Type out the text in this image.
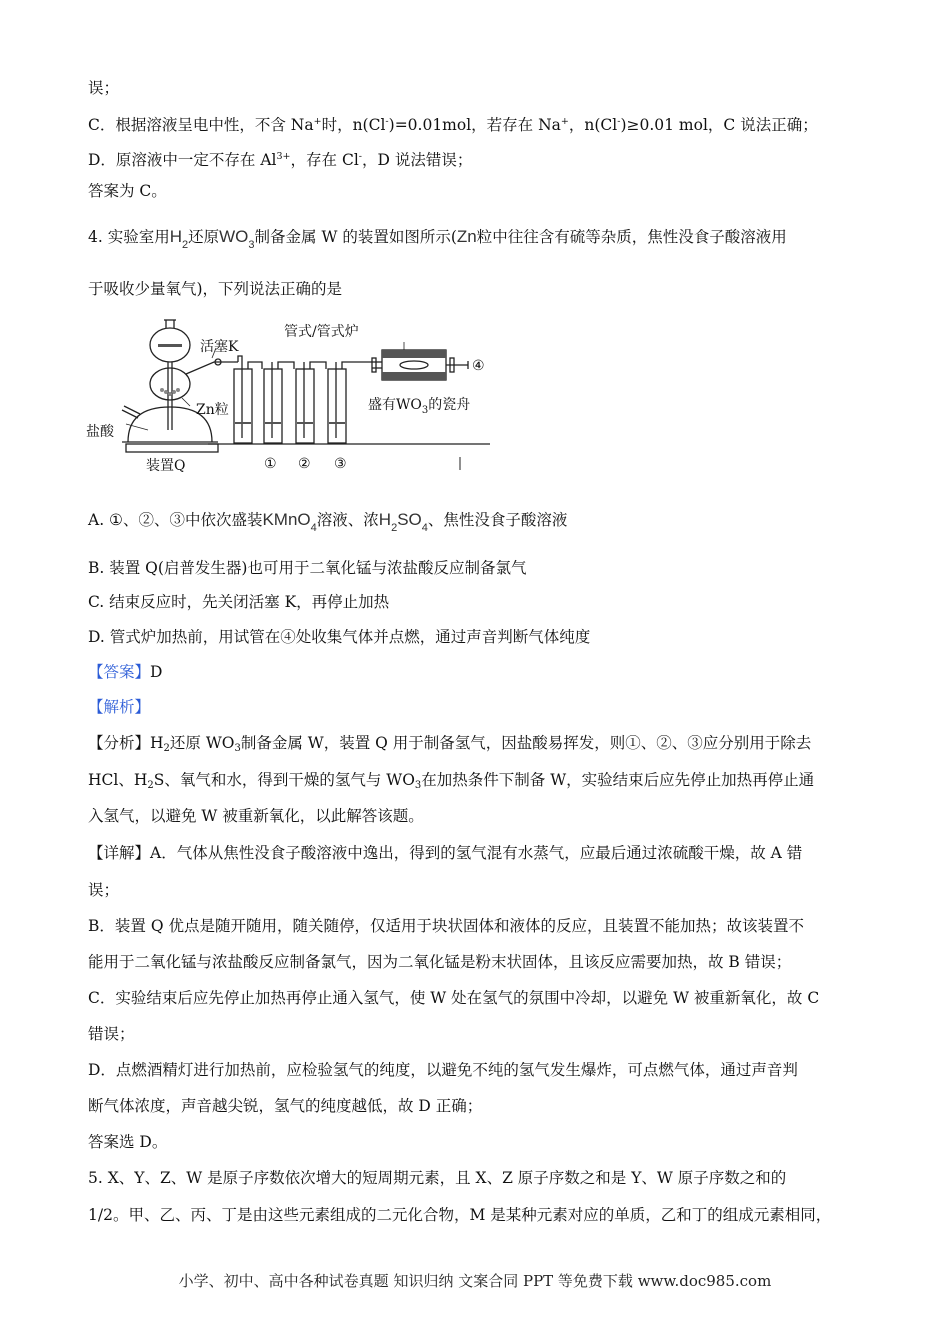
误；
C．根据溶液呈电中性，不含 Na+时，n(Cl-)=0.01mol，若存在 Na+，n(Cl-)≥0.01 mol，C 说法正确；
D．原溶液中一定不存在 $Al^{3+}$，存在 Cl-，D 说法错误；
答案为 C。
4. 实验室用$H_2$还原$WO_3$制备金属 W 的装置如图所示(Zn粒中往往含有硫等杂质，焦性没食子酸溶液用
于吸收少量氧气)，下列说法正确的是
活塞K
Zn粒
盐酸
装置Q
管式/管式炉
盛有$WO_3$的瓷舟
① ② ③
④
A. ①、②、③中依次盛装KMnO$_4$溶液、浓$H_2SO_4$、焦性没食子酸溶液
B. 装置 Q(启普发生器)也可用于二氧化锰与浓盐酸反应制备氯气
C. 结束反应时，先关闭活塞 K，再停止加热
D. 管式炉加热前，用试管在④处收集气体并点燃，通过声音判断气体纯度
【答案】D
【解析】
【分析】$H_2$还原 $WO_3$制备金属 W，装置 Q 用于制备氢气，因盐酸易挥发，则①、②、③应分别用于除去
HCl、$H_2S$、氧气和水，得到干燥的氢气与 $WO_3$在加热条件下制备 W，实验结束后应先停止加热再停止通
入氢气，以避免 W 被重新氧化，以此解答该题。
【详解】A．气体从焦性没食子酸溶液中逸出，得到的氢气混有水蒸气，应最后通过浓硫酸干燥，故 A 错
误；
B．装置 Q 优点是随开随用，随关随停，仅适用于块状固体和液体的反应，且装置不能加热；故该装置不
能用于二氧化锰与浓盐酸反应制备氯气，因为二氧化锰是粉末状固体，且该反应需要加热，故 B 错误；
C．实验结束后应先停止加热再停止通入氢气，使 W 处在氢气的氛围中冷却，以避免 W 被重新氧化，故 C
错误；
D．点燃酒精灯进行加热前，应检验氢气的纯度，以避免不纯的氢气发生爆炸，可点燃气体，通过声音判
断气体浓度，声音越尖锐，氢气的纯度越低，故 D 正确；
答案选 D。
5. X、Y、Z、W 是原子序数依次增大的短周期元素，且 X、Z 原子序数之和是 Y、W 原子序数之和的
1/2。甲、乙、丙、丁是由这些元素组成的二元化合物，M 是某种元素对应的单质，乙和丁的组成元素相同，
小学、初中、高中各种试卷真题 知识归纳 文案合同 PPT 等免费下载 www.doc985.com
